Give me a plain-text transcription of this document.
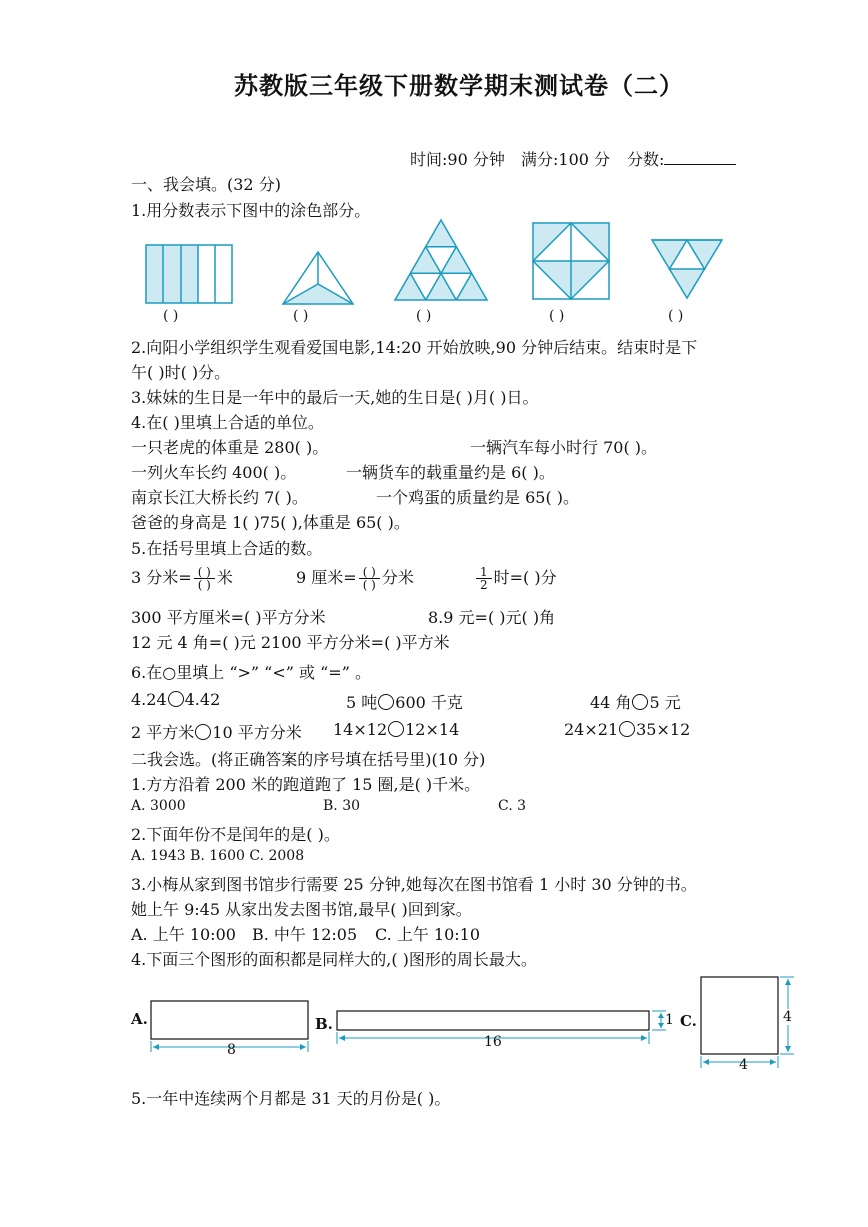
苏教版三年级下册数学期末测试卷（二）
时间:90 分钟 满分:100 分 分数:
一、我会填。(32 分)
1.用分数表示下图中的涂色部分。
( )	( )	( )	( )	( )
2.向阳小学组织学生观看爱国电影,14:20 开始放映,90 分钟后结束。结束时是下
午( )时( )分。
3.妹妹的生日是一年中的最后一天,她的生日是( )月( )日。
4.在( )里填上合适的单位。
一只老虎的体重是 280( )。	一辆汽车每小时行 70( )。
一列火车长约 400( )。	一辆货车的载重量约是 6( )。
南京长江大桥长约 7( )。	一个鸡蛋的质量约是 65( )。
爸爸的身高是 1( )75( ),体重是 65( )。
5.在括号里填上合适的数。
3 分米= $\frac{( )}{( )}$ 米	9 厘米= $\frac{( )}{( )}$ 分米	$\frac{1}{2}$ 时=( )分
300 平方厘米=( )平方分米	8.9 元=( )元( )角
12 元 4 角=( )元 2100 平方分米=( )平方米
6.在○里填上 “>” “<” 或 “=” 。
4.24 4.42	5 吨 600 千克	44 角 5 元
2 平方米 10 平方分米 14×12 12×14	24×21 35×12
二我会选。(将正确答案的序号填在括号里)(10 分)
1.方方沿着 200 米的跑道跑了 15 圈,是( )千米。
A. 3000	B. 30	C. 3
2.下面年份不是闰年的是( )。
A. 1943 B. 1600 C. 2008
3.小梅从家到图书馆步行需要 25 分钟,她每次在图书馆看 1 小时 30 分钟的书。
她上午 9:45 从家出发去图书馆,最早( )回到家。
A. 上午 10:00 B. 中午 12:05 C. 上午 10:10
4.下面三个图形的面积都是同样大的,( )图形的周长最大。
A.
8
B.
16
1 C.
4
4
5.一年中连续两个月都是 31 天的月份是( )。
